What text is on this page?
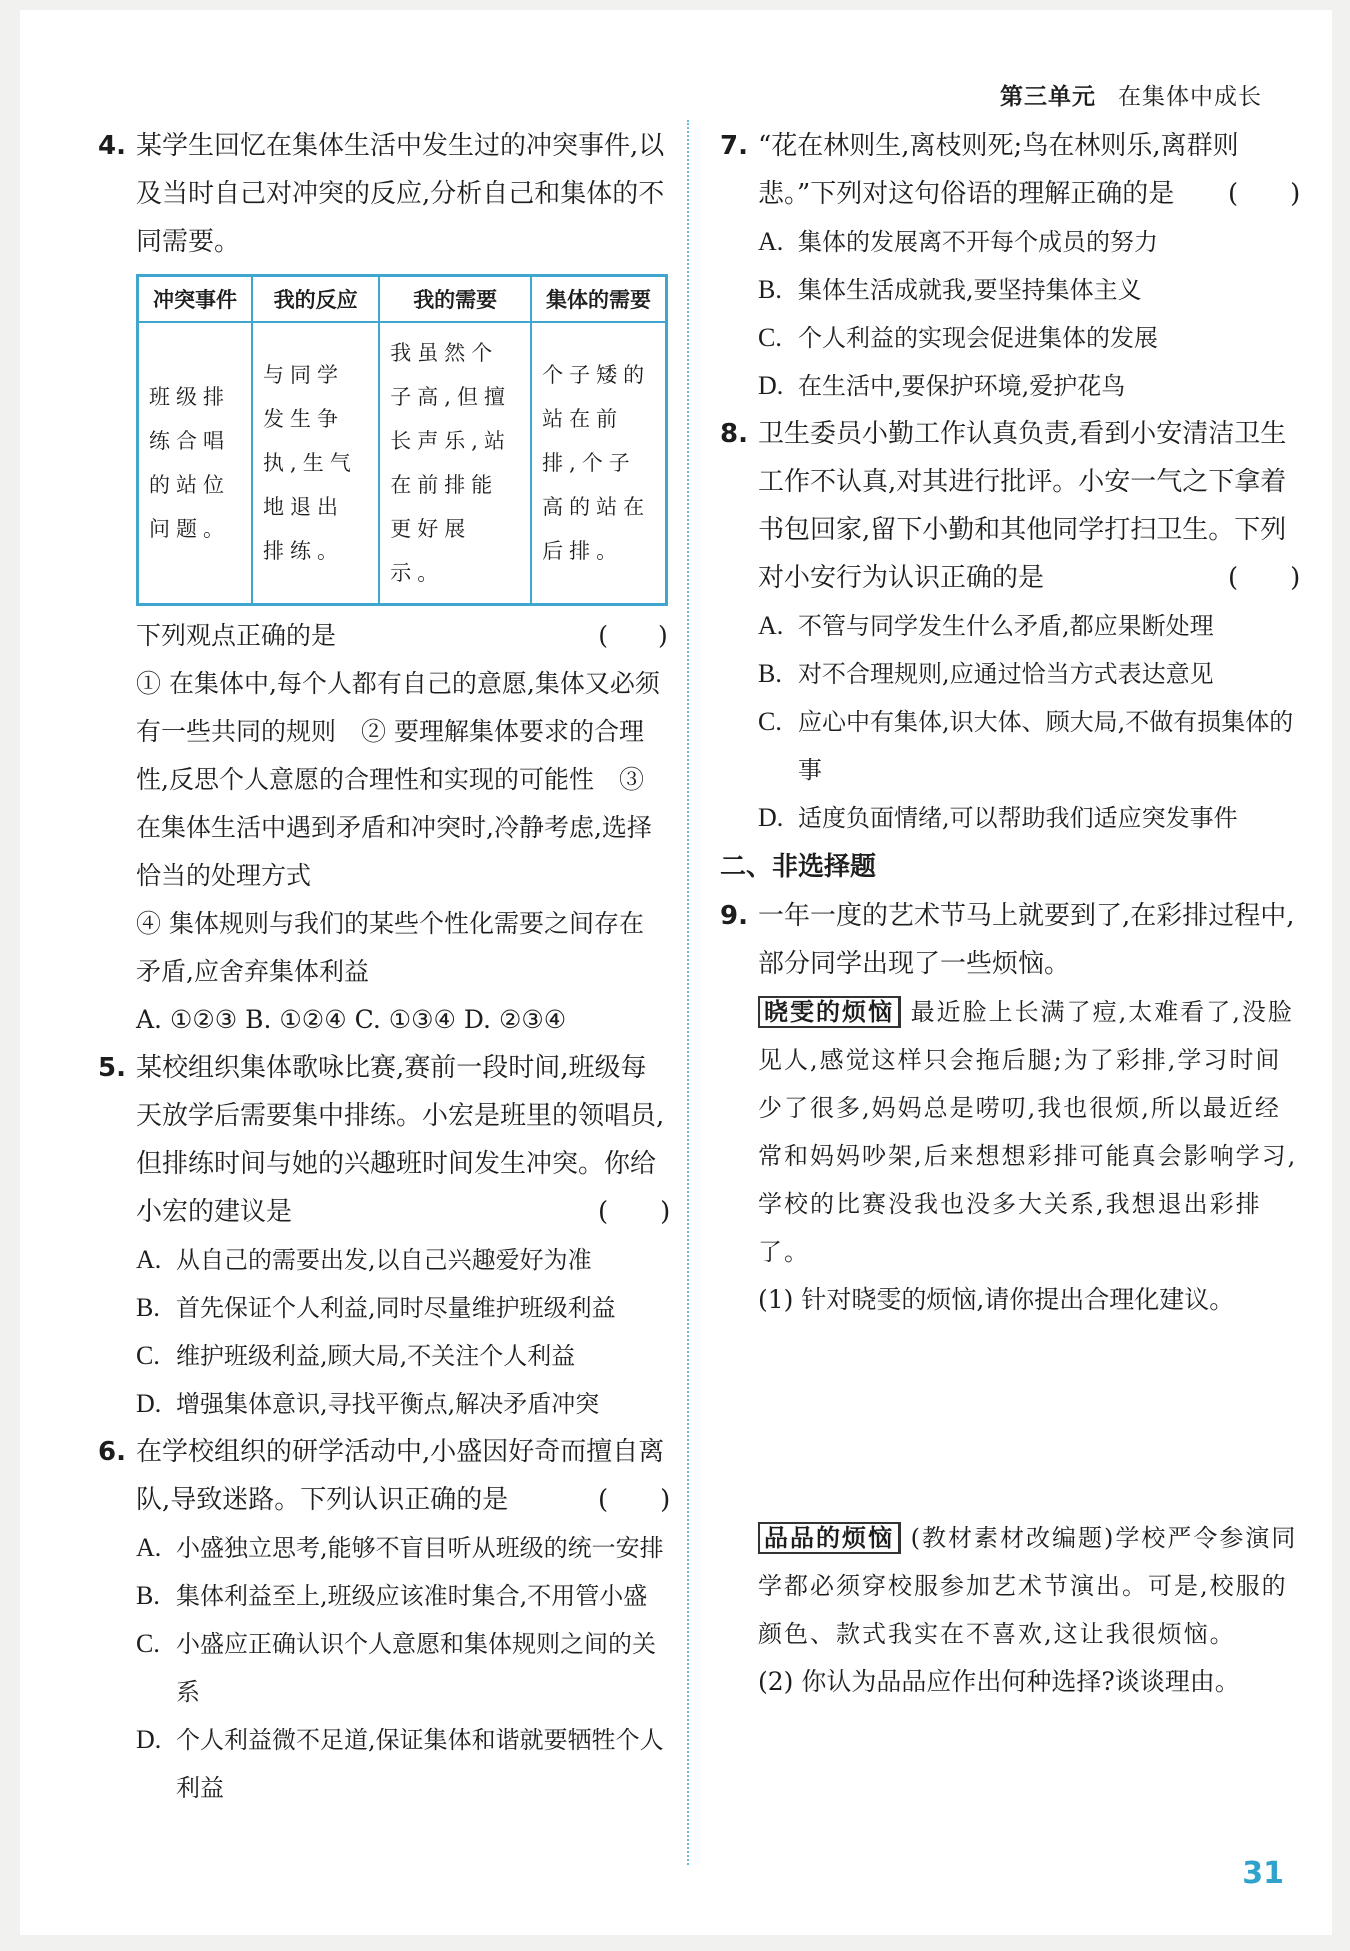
第三单元 在集体中成长
4. 某学生回忆在集体生活中发生过的冲突事件,以及当时自己对冲突的反应,分析自己和集体的不同需要。
冲突事件	我的反应	我的需要	集体的需要
班级排练合唱的站位问题。	与同学发生争执,生气地退出排练。	我虽然个子高,但擅长声乐,站在前排能更好展示。	个子矮的站在前排,个子高的站在后排。
下列观点正确的是	(　　)
① 在集体中,每个人都有自己的意愿,集体又必须有一些共同的规则　② 要理解集体要求的合理性,反思个人意愿的合理性和实现的可能性　③ 在集体生活中遇到矛盾和冲突时,冷静考虑,选择恰当的处理方式
④ 集体规则与我们的某些个性化需要之间存在矛盾,应舍弃集体利益
A. ①②③ B. ①②④ C. ①③④ D. ②③④
5. 某校组织集体歌咏比赛,赛前一段时间,班级每天放学后需要集中排练。小宏是班里的领唱员,但排练时间与她的兴趣班时间发生冲突。你给小宏的建议是	(　　)
A. 从自己的需要出发,以自己兴趣爱好为准
B. 首先保证个人利益,同时尽量维护班级利益
C. 维护班级利益,顾大局,不关注个人利益
D. 增强集体意识,寻找平衡点,解决矛盾冲突
6. 在学校组织的研学活动中,小盛因好奇而擅自离队,导致迷路。下列认识正确的是	(　　)
A. 小盛独立思考,能够不盲目听从班级的统一安排
B. 集体利益至上,班级应该准时集合,不用管小盛
C. 小盛应正确认识个人意愿和集体规则之间的关系
D. 个人利益微不足道,保证集体和谐就要牺牲个人利益
7. “花在林则生,离枝则死;鸟在林则乐,离群则悲。”下列对这句俗语的理解正确的是 (　　)
A. 集体的发展离不开每个成员的努力
B. 集体生活成就我,要坚持集体主义
C. 个人利益的实现会促进集体的发展
D. 在生活中,要保护环境,爱护花鸟
8. 卫生委员小勤工作认真负责,看到小安清洁卫生工作不认真,对其进行批评。小安一气之下拿着书包回家,留下小勤和其他同学打扫卫生。下列对小安行为认识正确的是	(　　)
A. 不管与同学发生什么矛盾,都应果断处理
B. 对不合理规则,应通过恰当方式表达意见
C. 应心中有集体,识大体、顾大局,不做有损集体的事
D. 适度负面情绪,可以帮助我们适应突发事件
二、非选择题
9. 一年一度的艺术节马上就要到了,在彩排过程中,部分同学出现了一些烦恼。
晓雯的烦恼 最近脸上长满了痘,太难看了,没脸见人,感觉这样只会拖后腿;为了彩排,学习时间少了很多,妈妈总是唠叨,我也很烦,所以最近经常和妈妈吵架,后来想想彩排可能真会影响学习,学校的比赛没我也没多大关系,我想退出彩排了。
(1) 针对晓雯的烦恼,请你提出合理化建议。
品品的烦恼 (教材素材改编题)学校严令参演同学都必须穿校服参加艺术节演出。可是,校服的颜色、款式我实在不喜欢,这让我很烦恼。
(2) 你认为品品应作出何种选择?谈谈理由。
31
